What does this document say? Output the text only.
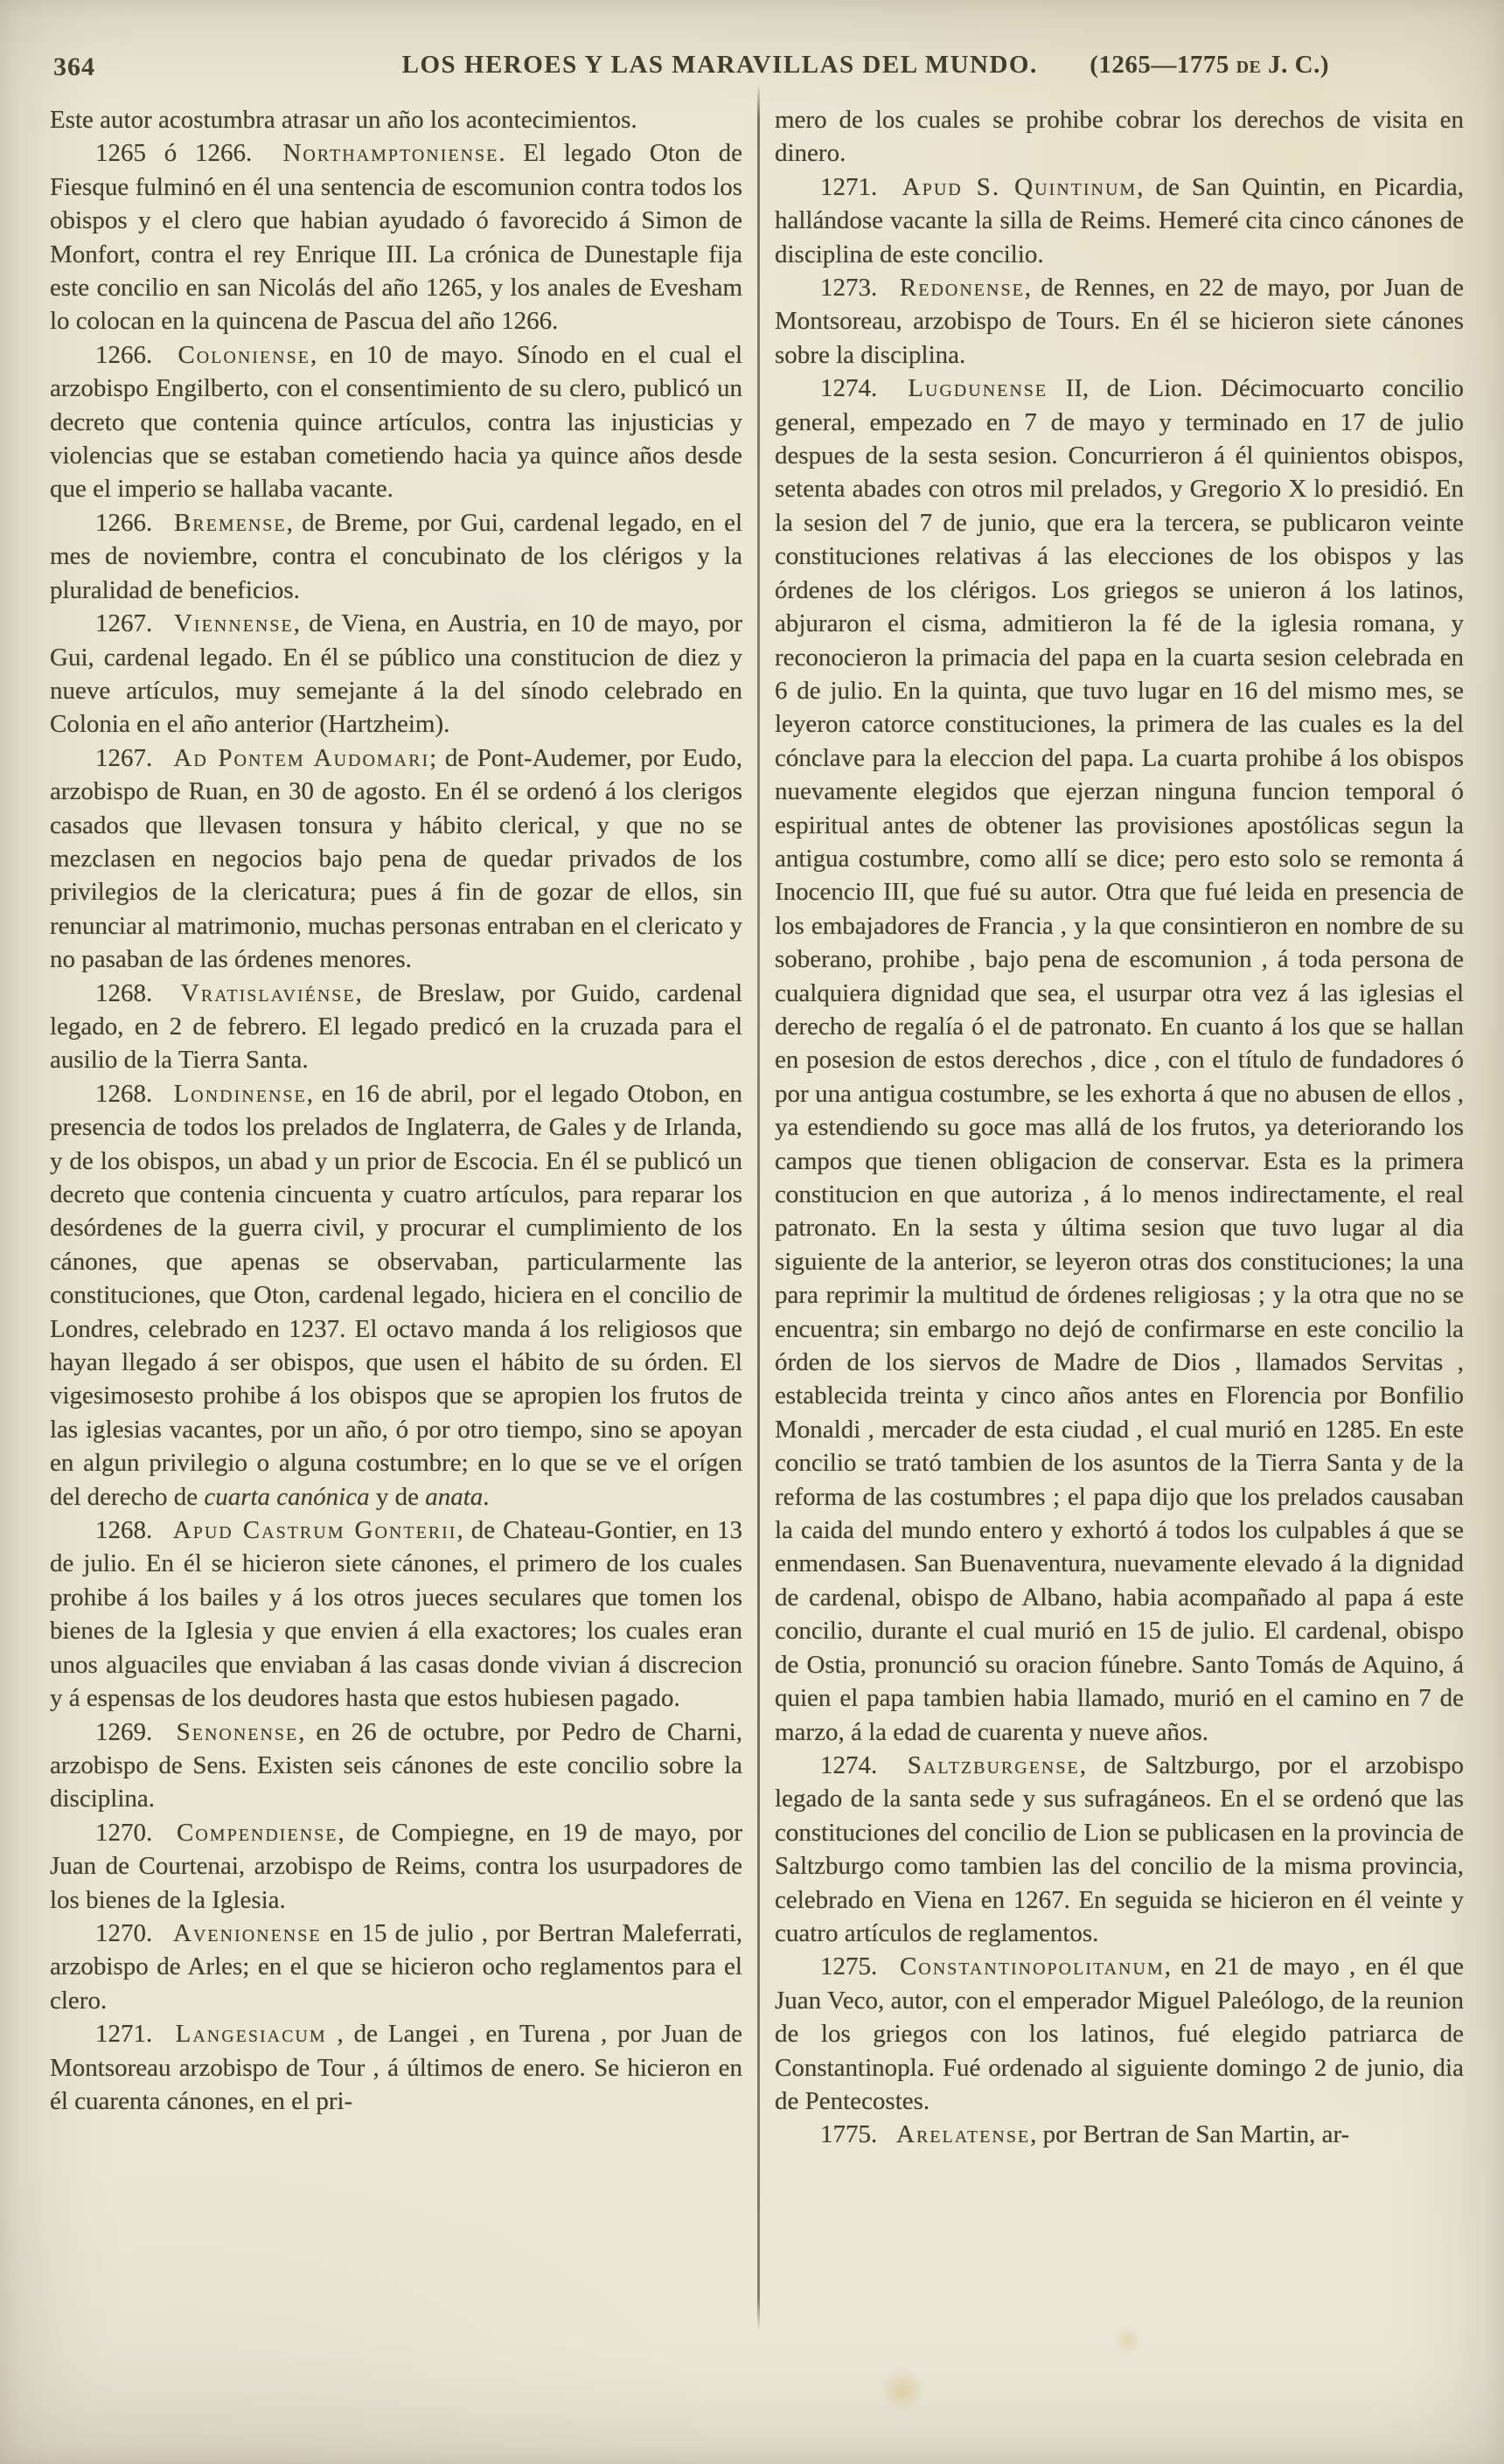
364	LOS HEROES Y LAS MARAVILLAS DEL MUNDO. (1265—1775 de J. C.)

Este autor acostumbra atrasar un año los acontecimientos.

1265 ó 1266.  Northamptoniense. El legado Oton de Fiesque fulminó en él una sentencia de escomunion contra todos los obispos y el clero que habian ayudado ó favorecido á Simon de Monfort, contra el rey Enrique III. La crónica de Dunestaple fija este concilio en san Nicolás del año 1265, y los anales de Evesham lo colocan en la quincena de Pascua del año 1266.

1266.  Coloniense, en 10 de mayo. Sínodo en el cual el arzobispo Engilberto, con el consentimiento de su clero, publicó un decreto que contenia quince artículos, contra las injusticias y violencias que se estaban cometiendo hacia ya quince años desde que el imperio se hallaba vacante.

1266.  Bremense, de Breme, por Gui, cardenal legado, en el mes de noviembre, contra el concubinato de los clérigos y la pluralidad de beneficios.

1267.  Viennense, de Viena, en Austria, en 10 de mayo, por Gui, cardenal legado. En él se público una constitucion de diez y nueve artículos, muy semejante á la del sínodo celebrado en Colonia en el año anterior (Hartzheim).

1267.  Ad Pontem Audomari; de Pont-Audemer, por Eudo, arzobispo de Ruan, en 30 de agosto. En él se ordenó á los clerigos casados que llevasen tonsura y hábito clerical, y que no se mezclasen en negocios bajo pena de quedar privados de los privilegios de la clericatura; pues á fin de gozar de ellos, sin renunciar al matrimonio, muchas personas entraban en el clericato y no pasaban de las órdenes menores.

1268.  Vratislaviénse, de Breslaw, por Guido, cardenal legado, en 2 de febrero. El legado predicó en la cruzada para el ausilio de la Tierra Santa.

1268.  Londinense, en 16 de abril, por el legado Otobon, en presencia de todos los prelados de Inglaterra, de Gales y de Irlanda, y de los obispos, un abad y un prior de Escocia. En él se publicó un decreto que contenia cincuenta y cuatro artículos, para reparar los desórdenes de la guerra civil, y procurar el cumplimiento de los cánones, que apenas se observaban, particularmente las constituciones, que Oton, cardenal legado, hiciera en el concilio de Londres, celebrado en 1237. El octavo manda á los religiosos que hayan llegado á ser obispos, que usen el hábito de su órden. El vigesimosesto prohibe á los obispos que se apropien los frutos de las iglesias vacantes, por un año, ó por otro tiempo, sino se apoyan en algun privilegio o alguna costumbre; en lo que se ve el orígen del derecho de cuarta canónica y de anata.

1268.  Apud Castrum Gonterii, de Chateau-Gontier, en 13 de julio. En él se hicieron siete cánones, el primero de los cuales prohibe á los bailes y á los otros jueces seculares que tomen los bienes de la Iglesia y que envien á ella exactores; los cuales eran unos alguaciles que enviaban á las casas donde vivian á discrecion y á espensas de los deudores hasta que estos hubiesen pagado.

1269.  Senonense, en 26 de octubre, por Pedro de Charni, arzobispo de Sens. Existen seis cánones de este concilio sobre la disciplina.

1270.  Compendiense, de Compiegne, en 19 de mayo, por Juan de Courtenai, arzobispo de Reims, contra los usurpadores de los bienes de la Iglesia.

1270.  Avenionense en 15 de julio , por Bertran Maleferrati, arzobispo de Arles; en el que se hicieron ocho reglamentos para el clero.

1271.  Langesiacum , de Langei , en Turena , por Juan de Montsoreau arzobispo de Tour , á últimos de enero. Se hicieron en él cuarenta cánones, en el pri-

mero de los cuales se prohibe cobrar los derechos de visita en dinero.

1271.  Apud S. Quintinum, de San Quintin, en Picardia, hallándose vacante la silla de Reims. Hemeré cita cinco cánones de disciplina de este concilio.

1273.  Redonense, de Rennes, en 22 de mayo, por Juan de Montsoreau, arzobispo de Tours. En él se hicieron siete cánones sobre la disciplina.

1274.  Lugdunense II, de Lion. Décimocuarto concilio general, empezado en 7 de mayo y terminado en 17 de julio despues de la sesta sesion. Concurrieron á él quinientos obispos, setenta abades con otros mil prelados, y Gregorio X lo presidió. En la sesion del 7 de junio, que era la tercera, se publicaron veinte constituciones relativas á las elecciones de los obispos y las órdenes de los clérigos. Los griegos se unieron á los latinos, abjuraron el cisma, admitieron la fé de la iglesia romana, y reconocieron la primacia del papa en la cuarta sesion celebrada en 6 de julio. En la quinta, que tuvo lugar en 16 del mismo mes, se leyeron catorce constituciones, la primera de las cuales es la del cónclave para la eleccion del papa. La cuarta prohibe á los obispos nuevamente elegidos que ejerzan ninguna funcion temporal ó espiritual antes de obtener las provisiones apostólicas segun la antigua costumbre, como allí se dice; pero esto solo se remonta á Inocencio III, que fué su autor. Otra que fué leida en presencia de los embajadores de Francia , y la que consintieron en nombre de su soberano, prohibe , bajo pena de escomunion , á toda persona de cualquiera dignidad que sea, el usurpar otra vez á las iglesias el derecho de regalía ó el de patronato. En cuanto á los que se hallan en posesion de estos derechos , dice , con el título de fundadores ó por una antigua costumbre, se les exhorta á que no abusen de ellos , ya estendiendo su goce mas allá de los frutos, ya deteriorando los campos que tienen obligacion de conservar. Esta es la primera constitucion en que autoriza , á lo menos indirectamente, el real patronato. En la sesta y última sesion que tuvo lugar al dia siguiente de la anterior, se leyeron otras dos constituciones; la una para reprimir la multitud de órdenes religiosas ; y la otra que no se encuentra; sin embargo no dejó de confirmarse en este concilio la órden de los siervos de Madre de Dios , llamados Servitas , establecida treinta y cinco años antes en Florencia por Bonfilio Monaldi , mercader de esta ciudad , el cual murió en 1285. En este concilio se trató tambien de los asuntos de la Tierra Santa y de la reforma de las costumbres ; el papa dijo que los prelados causaban la caida del mundo entero y exhortó á todos los culpables á que se enmendasen. San Buenaventura, nuevamente elevado á la dignidad de cardenal, obispo de Albano, habia acompañado al papa á este concilio, durante el cual murió en 15 de julio. El cardenal, obispo de Ostia, pronunció su oracion fúnebre. Santo Tomás de Aquino, á quien el papa tambien habia llamado, murió en el camino en 7 de marzo, á la edad de cuarenta y nueve años.

1274.  Saltzburgense, de Saltzburgo, por el arzobispo legado de la santa sede y sus sufragáneos. En el se ordenó que las constituciones del concilio de Lion se publicasen en la provincia de Saltzburgo como tambien las del concilio de la misma provincia, celebrado en Viena en 1267. En seguida se hicieron en él veinte y cuatro artículos de reglamentos.

1275.  Constantinopolitanum, en 21 de mayo , en él que Juan Veco, autor, con el emperador Miguel Paleólogo, de la reunion de los griegos con los latinos, fué elegido patriarca de Constantinopla. Fué ordenado al siguiente domingo 2 de junio, dia de Pentecostes.

1775.  Arelatense, por Bertran de San Martin, ar-
